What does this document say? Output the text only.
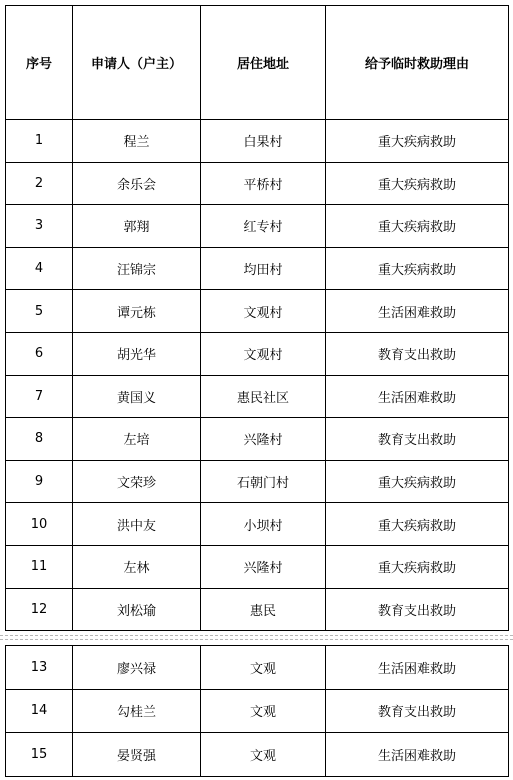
序号	申请人（户主）	居住地址	给予临时救助理由
1	程兰	白果村	重大疾病救助
2	余乐会	平桥村	重大疾病救助
3	郭翔	红专村	重大疾病救助
4	汪锦宗	均田村	重大疾病救助
5	谭元栋	文观村	生活困难救助
6	胡光华	文观村	教育支出救助
7	黄国义	惠民社区	生活困难救助
8	左培	兴隆村	教育支出救助
9	文荣珍	石朝门村	重大疾病救助
10	洪中友	小坝村	重大疾病救助
11	左林	兴隆村	重大疾病救助
12	刘松瑜	惠民	教育支出救助
13	廖兴禄	文观	生活困难救助
14	勾桂兰	文观	教育支出救助
15	晏贤强	文观	生活困难救助
